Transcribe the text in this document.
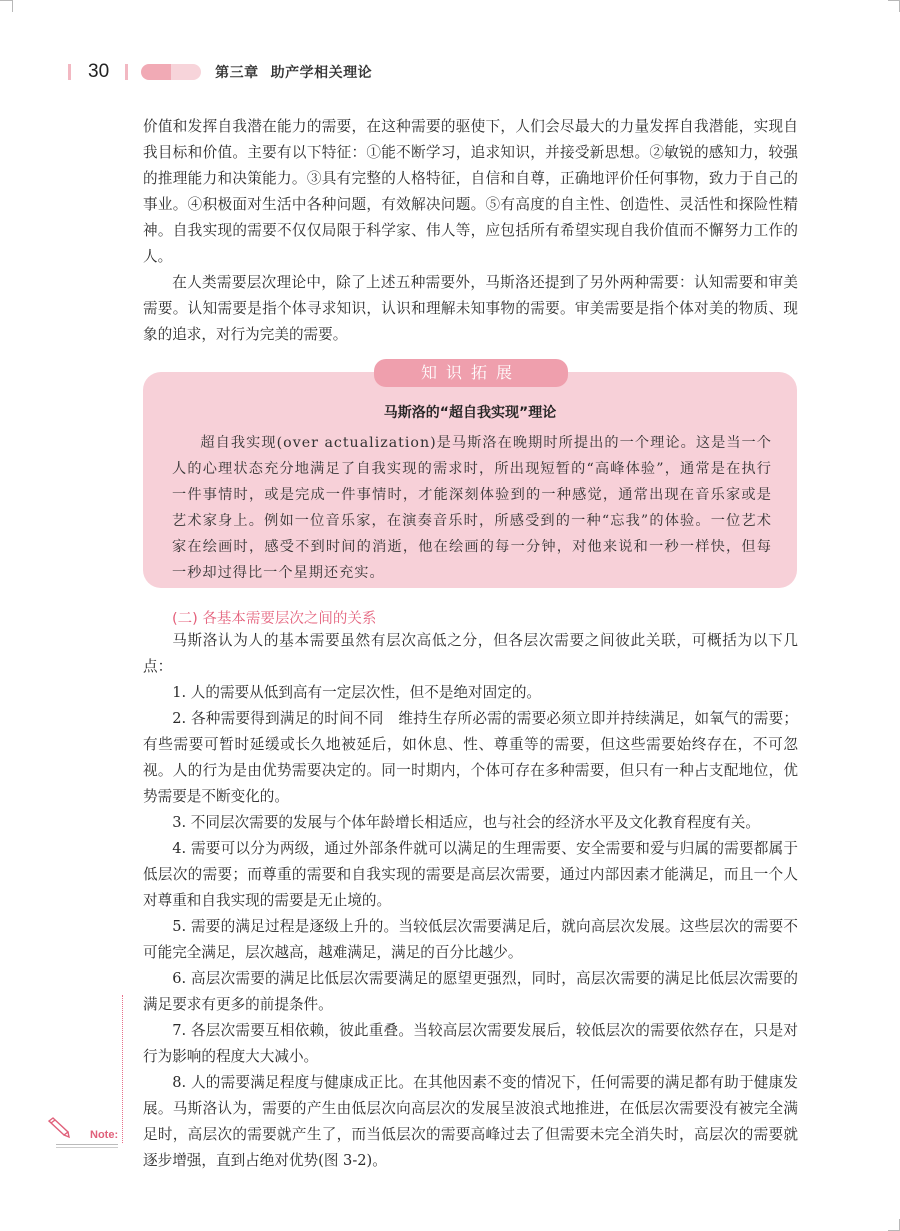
30	第三章 助产学相关理论

价值和发挥自我潜在能力的需要，在这种需要的驱使下，人们会尽最大的力量发挥自我潜能，实现自我目标和价值。主要有以下特征：①能不断学习，追求知识，并接受新思想。②敏锐的感知力，较强的推理能力和决策能力。③具有完整的人格特征，自信和自尊，正确地评价任何事物，致力于自己的事业。④积极面对生活中各种问题，有效解决问题。⑤有高度的自主性、创造性、灵活性和探险性精神。自我实现的需要不仅仅局限于科学家、伟人等，应包括所有希望实现自我价值而不懈努力工作的人。

在人类需要层次理论中，除了上述五种需要外，马斯洛还提到了另外两种需要：认知需要和审美需要。认知需要是指个体寻求知识，认识和理解未知事物的需要。审美需要是指个体对美的物质、现象的追求，对行为完美的需要。

知识拓展
马斯洛的“超自我实现”理论

超自我实现(over actualization)是马斯洛在晚期时所提出的一个理论。这是当一个人的心理状态充分地满足了自我实现的需求时，所出现短暂的“高峰体验”，通常是在执行一件事情时，或是完成一件事情时，才能深刻体验到的一种感觉，通常出现在音乐家或是艺术家身上。例如一位音乐家，在演奏音乐时，所感受到的一种“忘我”的体验。一位艺术家在绘画时，感受不到时间的消逝，他在绘画的每一分钟，对他来说和一秒一样快，但每一秒却过得比一个星期还充实。

(二) 各基本需要层次之间的关系

马斯洛认为人的基本需要虽然有层次高低之分，但各层次需要之间彼此关联，可概括为以下几点：

1. 人的需要从低到高有一定层次性，但不是绝对固定的。

2. 各种需要得到满足的时间不同　维持生存所必需的需要必须立即并持续满足，如氧气的需要；有些需要可暂时延缓或长久地被延后，如休息、性、尊重等的需要，但这些需要始终存在，不可忽视。人的行为是由优势需要决定的。同一时期内，个体可存在多种需要，但只有一种占支配地位，优势需要是不断变化的。

3. 不同层次需要的发展与个体年龄增长相适应，也与社会的经济水平及文化教育程度有关。

4. 需要可以分为两级，通过外部条件就可以满足的生理需要、安全需要和爱与归属的需要都属于低层次的需要；而尊重的需要和自我实现的需要是高层次需要，通过内部因素才能满足，而且一个人对尊重和自我实现的需要是无止境的。

5. 需要的满足过程是逐级上升的。当较低层次需要满足后，就向高层次发展。这些层次的需要不可能完全满足，层次越高，越难满足，满足的百分比越少。

6. 高层次需要的满足比低层次需要满足的愿望更强烈，同时，高层次需要的满足比低层次需要的满足要求有更多的前提条件。

7. 各层次需要互相依赖，彼此重叠。当较高层次需要发展后，较低层次的需要依然存在，只是对行为影响的程度大大减小。

8. 人的需要满足程度与健康成正比。在其他因素不变的情况下，任何需要的满足都有助于健康发展。马斯洛认为，需要的产生由低层次向高层次的发展呈波浪式地推进，在低层次需要没有被完全满足时，高层次的需要就产生了，而当低层次的需要高峰过去了但需要未完全消失时，高层次的需要就逐步增强，直到占绝对优势(图 3-2)。

Note:
